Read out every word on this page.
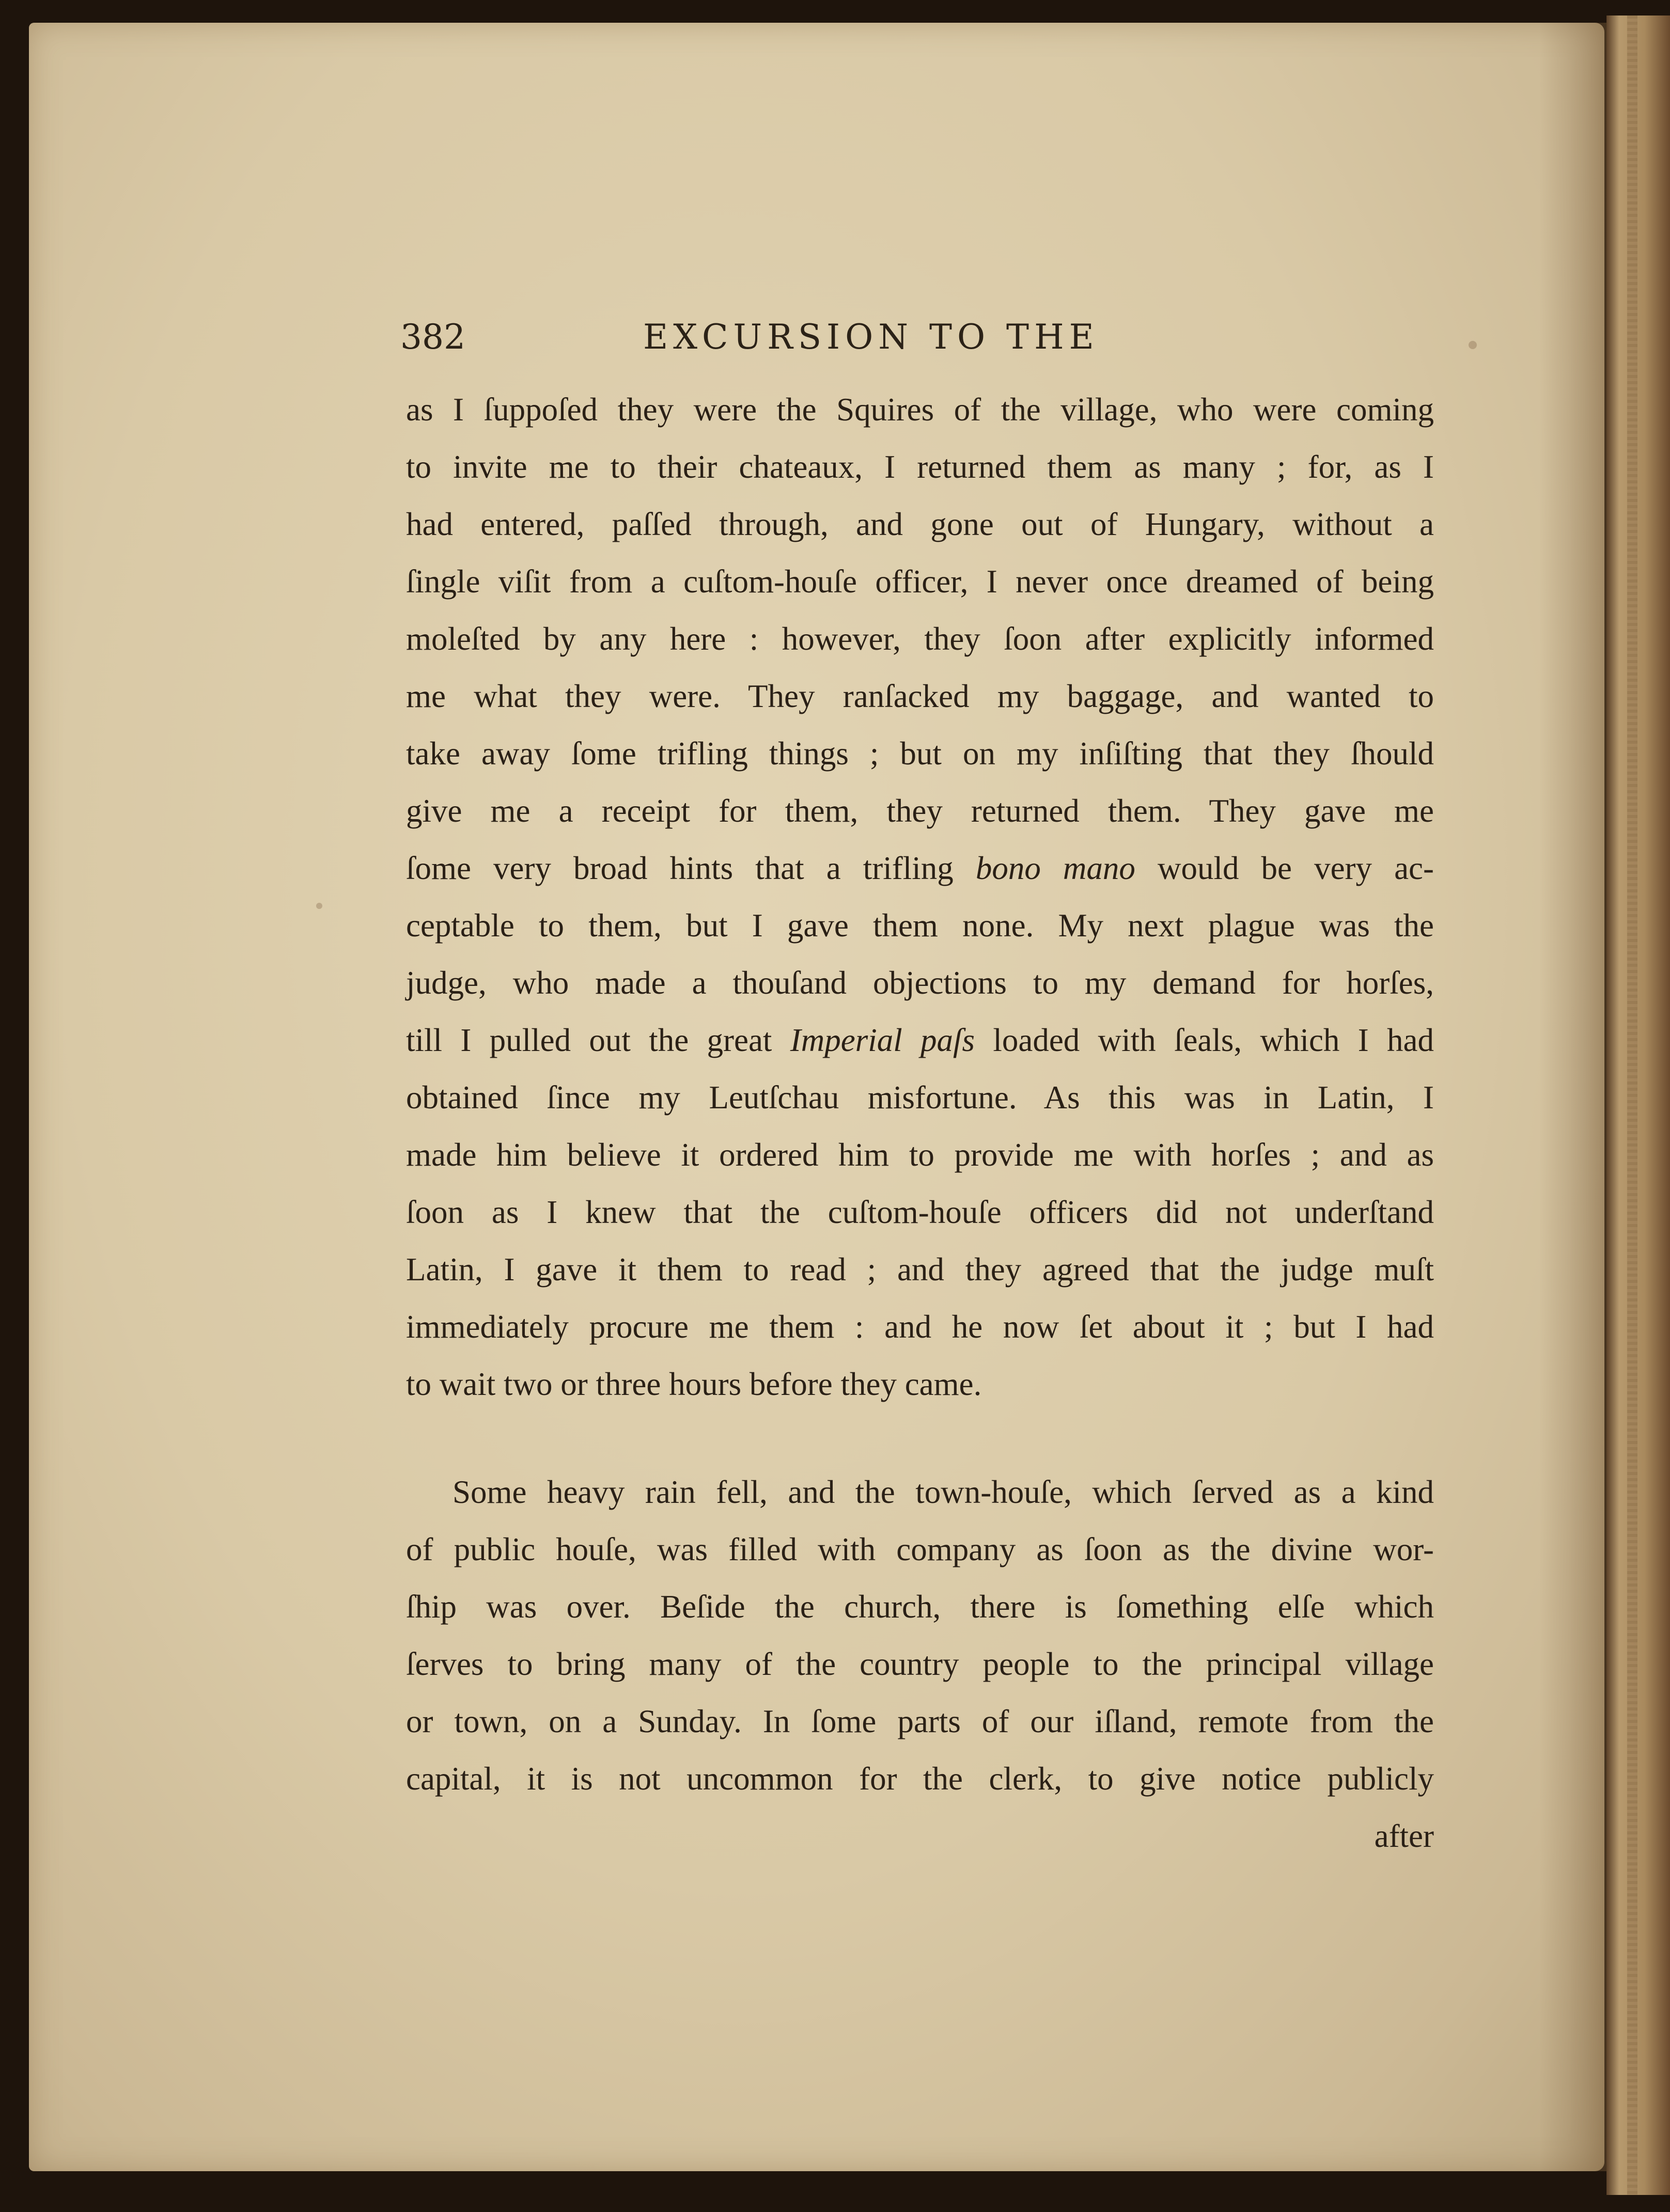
382	EXCURSION TO THE
as I ſuppoſed they were the Squires of the village, who were coming
to invite me to their chateaux, I returned them as many ; for, as I
had entered, paſſed through, and gone out of Hungary, without a
ſingle viſit from a cuſtom-houſe officer, I never once dreamed of being
moleſted by any here : however, they ſoon after explicitly informed
me what they were. They ranſacked my baggage, and wanted to
take away ſome trifling things ; but on my inſiſting that they ſhould
give me a receipt for them, they returned them. They gave me
ſome very broad hints that a trifling bono mano would be very ac-
ceptable to them, but I gave them none. My next plague was the
judge, who made a thouſand objections to my demand for horſes,
till I pulled out the great Imperial paſs loaded with ſeals, which I had
obtained ſince my Leutſchau misfortune. As this was in Latin, I
made him believe it ordered him to provide me with horſes ; and as
ſoon as I knew that the cuſtom-houſe officers did not underſtand
Latin, I gave it them to read ; and they agreed that the judge muſt
immediately procure me them : and he now ſet about it ; but I had
to wait two or three hours before they came.
Some heavy rain fell, and the town-houſe, which ſerved as a kind
of public houſe, was filled with company as ſoon as the divine wor-
ſhip was over. Beſide the church, there is ſomething elſe which
ſerves to bring many of the country people to the principal village
or town, on a Sunday. In ſome parts of our iſland, remote from the
capital, it is not uncommon for the clerk, to give notice publicly
after
